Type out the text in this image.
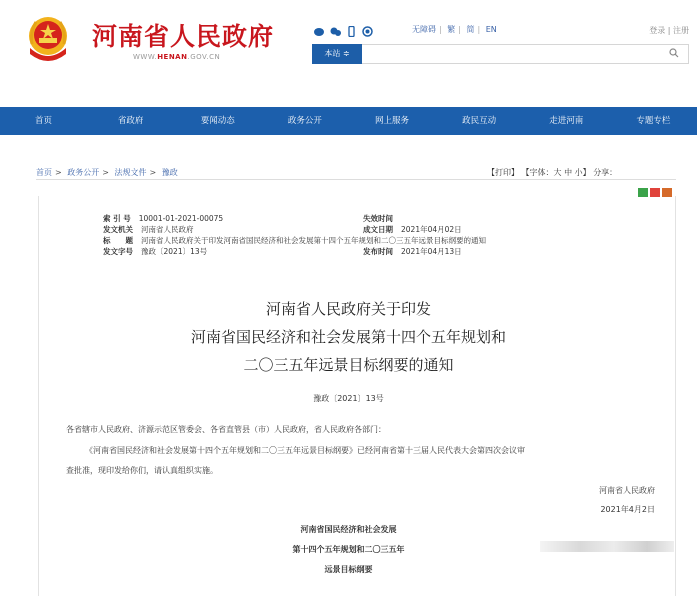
河南省人民政府
WWW.HENAN.GOV.CN
无障碍 | 繁 | 简 | EN	登录 | 注册
本站 ≑
首页	省政府	要闻动态	政务公开	网上服务	政民互动	走进河南	专题专栏
首页 > 政务公开 > 法规文件 > 豫政	【打印】 【字体：大 中 小】 分享：
索 引 号 10001-01-2021-00075
发文机关 河南省人民政府
标　　题 河南省人民政府关于印发河南省国民经济和社会发展第十四个五年规划和二〇三五年远景目标纲要的通知
发文字号 豫政〔2021〕13号
失效时间
成文日期 2021年04月02日
发布时间 2021年04月13日
河南省人民政府关于印发
河南省国民经济和社会发展第十四个五年规划和
二〇三五年远景目标纲要的通知
豫政〔2021〕13号
各省辖市人民政府、济源示范区管委会、各省直管县（市）人民政府，省人民政府各部门：
《河南省国民经济和社会发展第十四个五年规划和二〇三五年远景目标纲要》已经河南省第十三届人民代表大会第四次会议审
查批准，现印发给你们，请认真组织实施。
河南省人民政府
2021年4月2日
河南省国民经济和社会发展
第十四个五年规划和二〇三五年
远景目标纲要
